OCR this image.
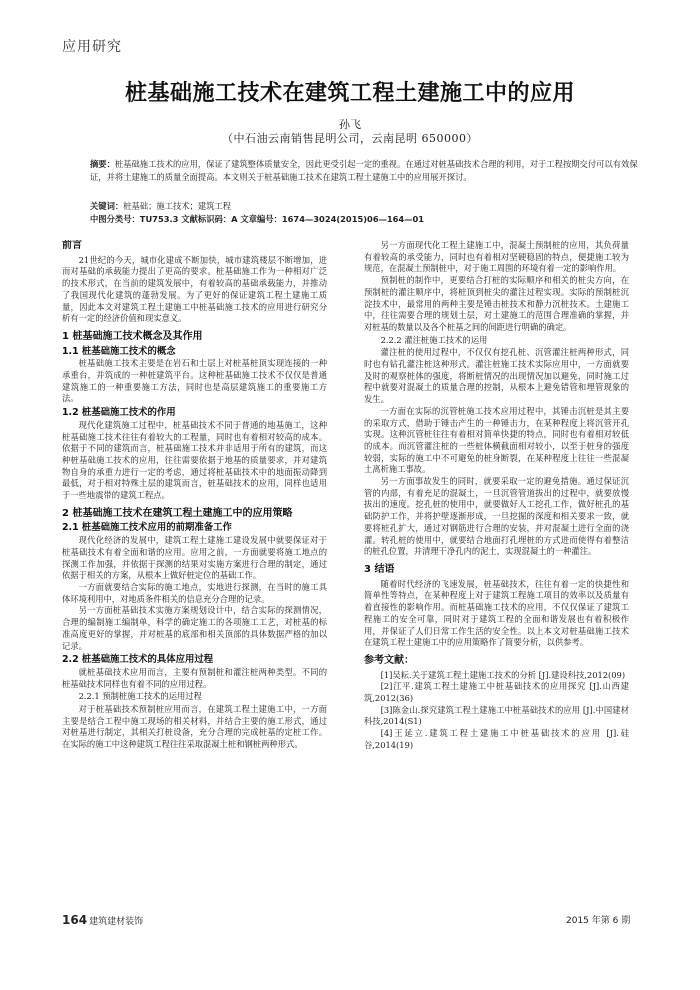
应用研究
桩基础施工技术在建筑工程土建施工中的应用
孙飞
（中石油云南销售昆明公司，云南昆明 650000）
摘要：桩基础施工技术的应用，保证了建筑整体质量安全，因此更受引起一定的重视。在通过对桩基础技术合理的利用，对于工程按期交付可以有效保证，并将土建施工的质量全面提高。本文则关于桩基础施工技术在建筑工程土建施工中的应用展开探讨。
关键词：桩基础；施工技术；建筑工程
中图分类号：TU753.3 文献标识码：A 文章编号：1674—3024(2015)06—164—01
前言

21世纪的今天，城市化建成不断加快，城市建筑楼层不断增加，进而对基础的承载能力提出了更高的要求。桩基础施工作为一种相对广泛的技术形式，在当前的建筑发展中，有着较高的基础承载能力，并推动了我国现代化建筑的蓬勃发展。为了更好的保证建筑工程土建施工质量，因此本文对建筑工程土建施工中桩基础施工技术的应用进行研究分析有一定的经济价值和现实意义。

1 桩基础施工技术概念及其作用
1.1 桩基础施工技术的概念

桩基础施工技术主要是在岩石和土层上对桩基桩顶实现连接的一种承重台，并筑成的一种桩建筑平台。这种桩基础施工技术不仅仅是普通建筑施工的一种重要施工方法，同时也是高层建筑施工的重要施工方法。

1.2 桩基础施工技术的作用

现代化建筑施工过程中，桩基础技术不同于普通的地基施工，这种桩基础施工技术往往有着较大的工程量，同时也有着相对较高的成本。依据于不同的建筑而言，桩基础施工技术并非适用于所有的建筑，而这种桩基础施工技术的应用，往往需要依据于地基的质量要求，并对建筑物自身的承重力进行一定的考虑，通过将桩基础技术中的地面振动降到最低，对于相对特殊土层的建筑而言，桩基础技术的应用，同样也适用于一些地震带的建筑工程点。

2 桩基础施工技术在建筑工程土建施工中的应用策略
2.1 桩基础施工技术应用的前期准备工作

现代化经济的发展中，建筑工程土建施工建设发展中就要保证对于桩基础技术有着全面和谐的应用。应用之前，一方面就要将施工地点的探测工作加强，并依据于探测的结果对实施方案进行合理的制定，通过依据于相关的方案，从根本上做好桩定位的基础工作。

一方面就要结合实际的施工地点，实地进行探测，在当时的施工具体环境利用中，对地质条件相关的信息充分合理的记录。

另一方面桩基础技术实施方案规划设计中，结合实际的探测情况，合理的编制施工编制单，科学的确定施工的各项施工工艺，对桩基的标准高度更好的掌握，并对桩基的底部和相关顶部的具体数据严格的加以记录。

2.2 桩基础施工技术的具体应用过程

就桩基础技术应用而言，主要有预制桩和灌注桩两种类型。不同的桩基础技术同样也有着不同的应用过程。

2.2.1 预制桩施工技术的运用过程

对于桩基础技术预制桩应用而言，在建筑工程土建施工中，一方面主要是结合工程中施工现场的相关材料，并结合主要的施工形式，通过对桩基进行制定，其相关打桩设备，充分合理的完成桩基的定桩工作。在实际的施工中这种建筑工程往往采取混凝土桩和钢桩两种形式。

另一方面现代化工程土建施工中，混凝土预制桩的应用，其负荷量有着较高的承受能力，同时也有着相对坚硬稳固的特点，便捷施工较为规范，在混凝土预制桩中，对于施工周围的环境有着一定的影响作用。

预制桩的制作中，更要结合打桩的实际顺序和相关的桩尖方向，在预制桩的灌注顺序中，将桩顶到桩尖的灌注过程实现。实际的预制桩沉淀技术中，最常用的两种主要是锤击桩技术和静力沉桩技术。土建施工中，往往需要合理的规划土层，对土建施工的范围合理准确的掌握，并对桩基的数量以及各个桩基之间的间距进行明确的确定。

2.2.2 灌注桩施工技术的运用

灌注桩的使用过程中，不仅仅有挖孔桩、沉管灌注桩两种形式，同时也有钻孔灌注桩这种形式。灌注桩施工技术实际应用中，一方面就要及时的观察桩体的强度，将断桩情况的出现情况加以避免，同时施工过程中就要对混凝土的质量合理的控制，从根本上避免错管和埋管现象的发生。

一方面在实际的沉管桩施工技术应用过程中，其锤击沉桩是其主要的采取方式，借助于锤击产生的一种锤击力，在某种程度上将沉管开孔实现。这种沉管桩往往有着相对简单快捷的特点，同时也有着相对较低的成本。而沉管灌注桩的一些桩体横截面相对较小，以至于桩身的强度较弱，实际的施工中不可避免的桩身断裂，在某种程度上往往一些混凝土离析施工事故。

另一方面事故发生的同时，就要采取一定的避免措施。通过保证沉管的内部，有着充足的混凝土，一旦沉管管道拔出的过程中，就要放慢拔出的速度。挖孔桩的使用中，就要做好人工挖孔工作，做好桩孔的基础防护工作，并将护壁逐渐形成，一旦挖掘的深度和相关要求一致，就要将桩孔扩大，通过对钢筋进行合理的安装，并对混凝土进行全面的浇灌。转孔桩的使用中，就要结合地面打孔埋桩的方式进而使得有着整洁的桩孔位置，并清理干净孔内的泥土，实现混凝土的一种灌注。

3 结语

随着时代经济的飞速发展，桩基础技术，往往有着一定的快捷性和简单性等特点，在某种程度上对于建筑工程施工项目的效率以及质量有着直接性的影响作用。而桩基础施工技术的应用，不仅仅保证了建筑工程施工的安全可靠，同时对于建筑工程的全面和谐发展也有着积极作用，并保证了人们日常工作生活的安全性。以上本文对桩基础施工技术在建筑工程土建施工中的应用策略作了简要分析，以供参考。

参考文献：

[1]吴耘.关于建筑工程土建施工技术的分析 [J].建设科技,2012(09)

[2]江平.建筑工程土建施工中桩基础技术的应用探究 [J].山西建筑,2012(36)

[3]陈金山.探究建筑工程土建施工中桩基础技术的应用 [J].中国建材科技,2014(S1)

[4]王延立.建筑工程土建施工中桩基础技术的应用 [J].硅谷,2014(19)

164 建筑建材装饰	2015 年第 6 期
